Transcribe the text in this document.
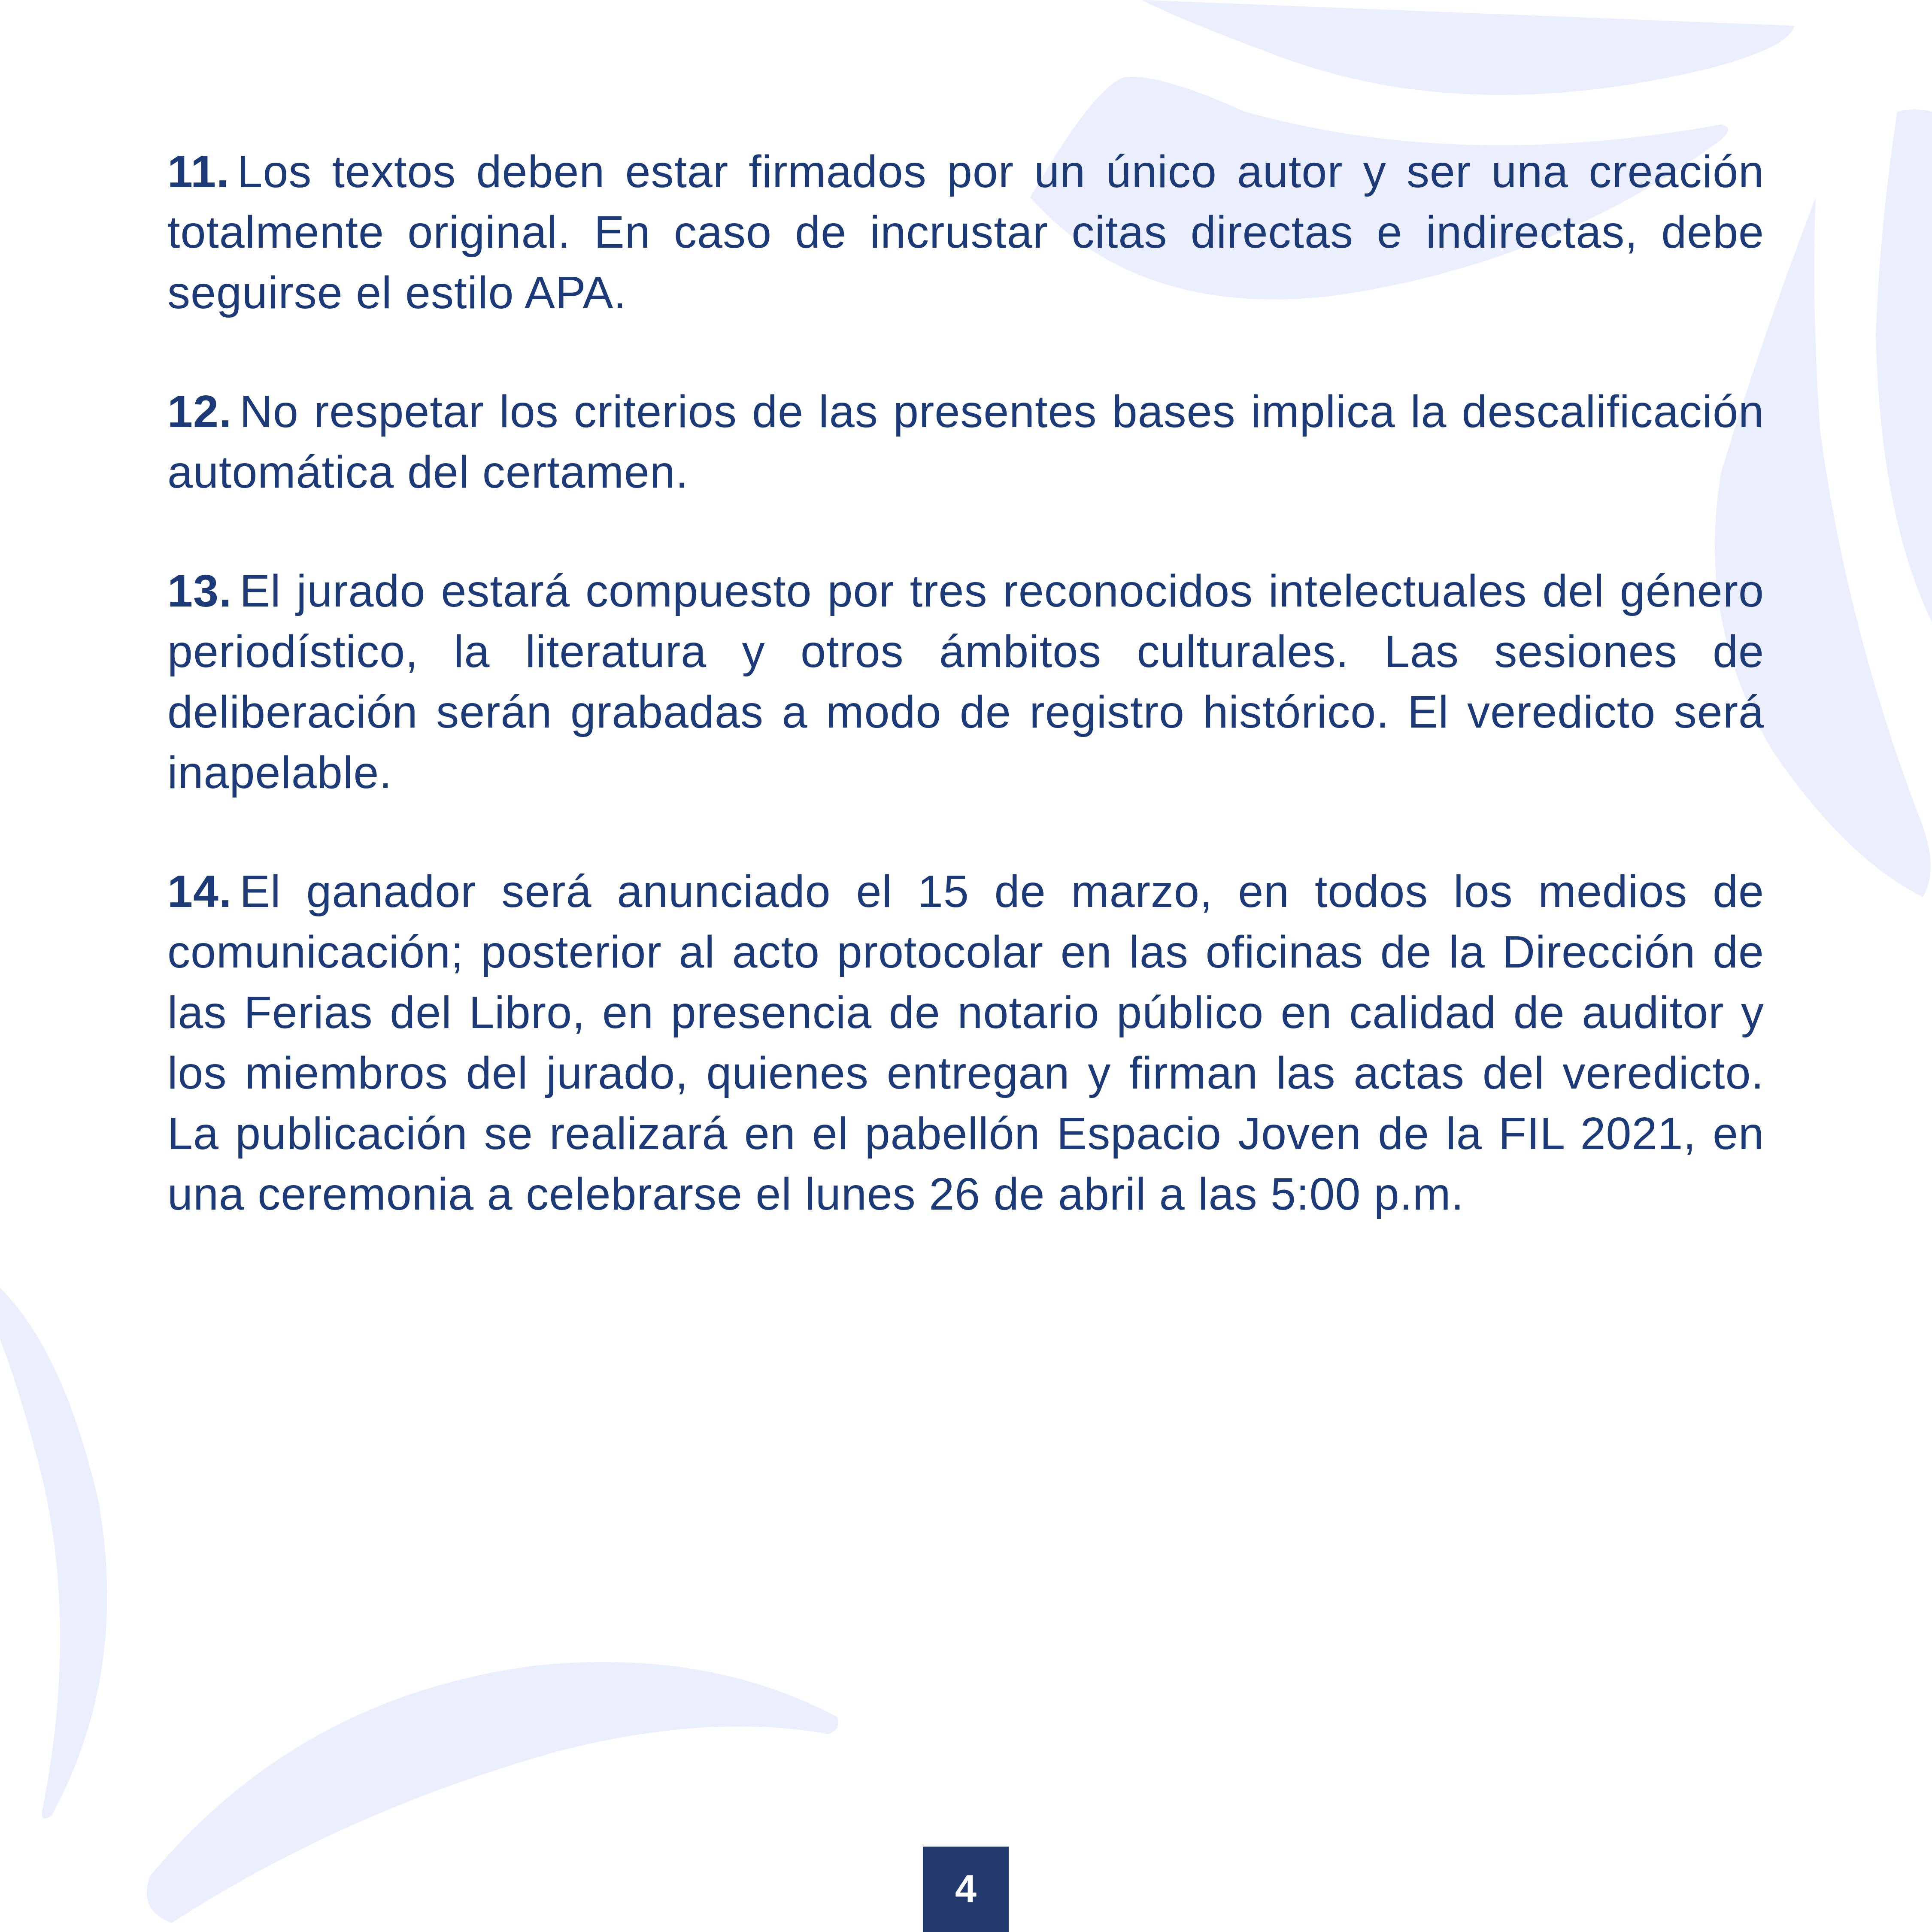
11. Los textos deben estar firmados por un único autor y ser una creación totalmente original. En caso de incrustar citas directas e indirectas, debe seguirse el estilo APA.

12. No respetar los criterios de las presentes bases implica la descalificación automática del certamen.

13. El jurado estará compuesto por tres reconocidos intelectuales del género periodístico, la literatura y otros ámbitos culturales. Las sesiones de deliberación serán grabadas a modo de registro histórico. El veredicto será inapelable.

14. El ganador será anunciado el 15 de marzo, en todos los medios de comunicación; posterior al acto protocolar en las oficinas de la Dirección de las Ferias del Libro, en presencia de notario público en calidad de auditor y los miembros del jurado, quienes entregan y firman las actas del veredicto. La publicación se realizará en el pabellón Espacio Joven de la FIL 2021, en una ceremonia a celebrarse el lunes 26 de abril a las 5:00 p.m.

4
